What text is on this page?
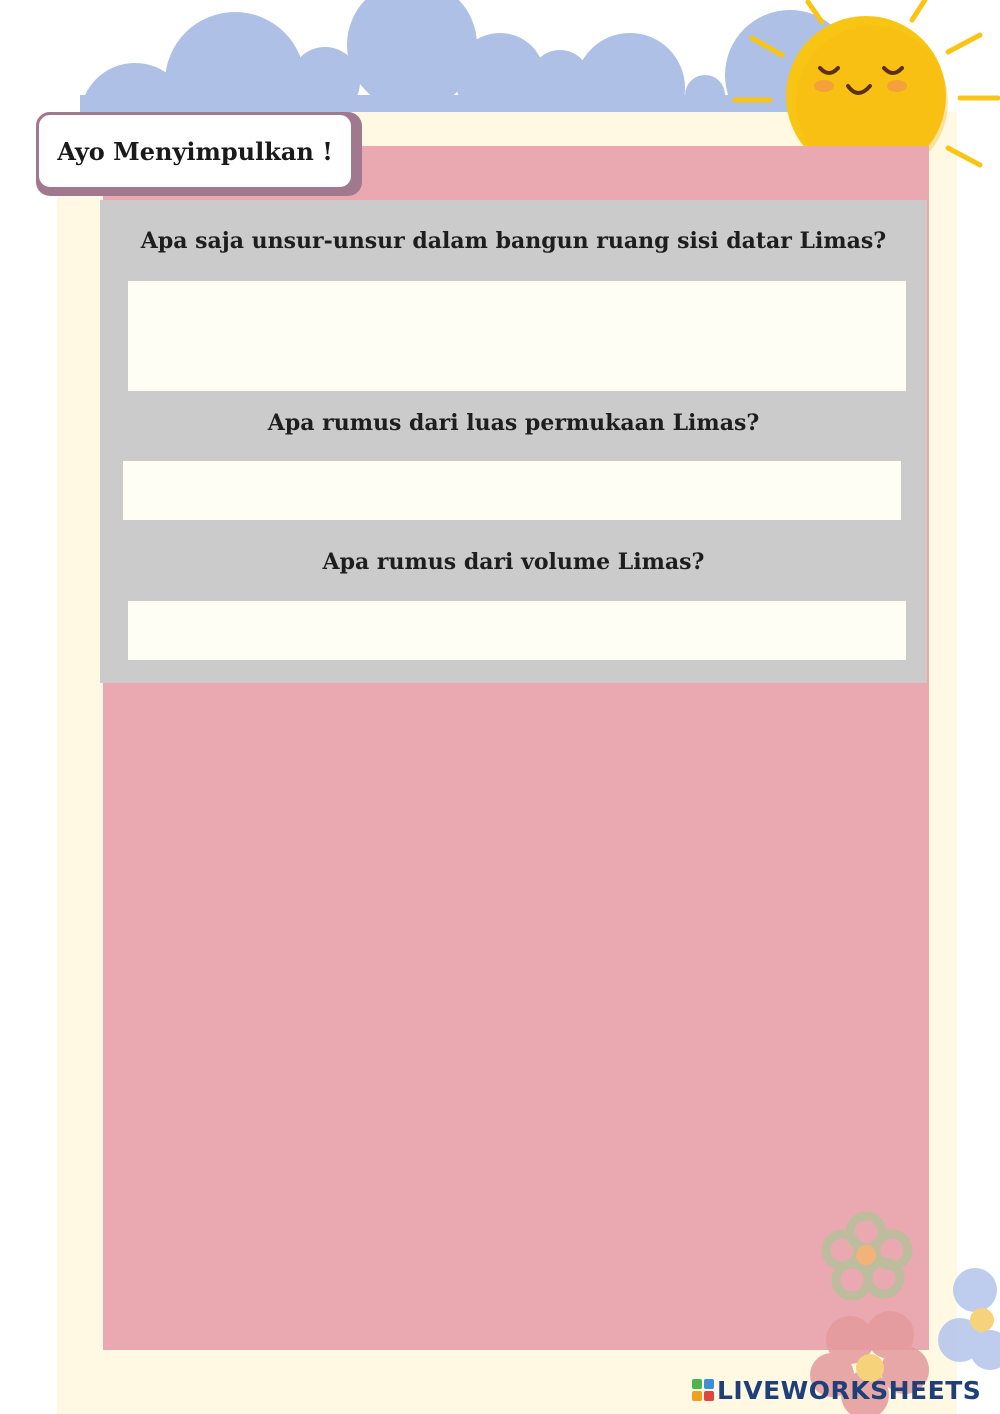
Apa saja unsur-unsur dalam bangun ruang sisi datar Limas?
Apa rumus dari luas permukaan Limas?
Apa rumus dari volume Limas?
Ayo Menyimpulkan !
LIVEWORKSHEETS
